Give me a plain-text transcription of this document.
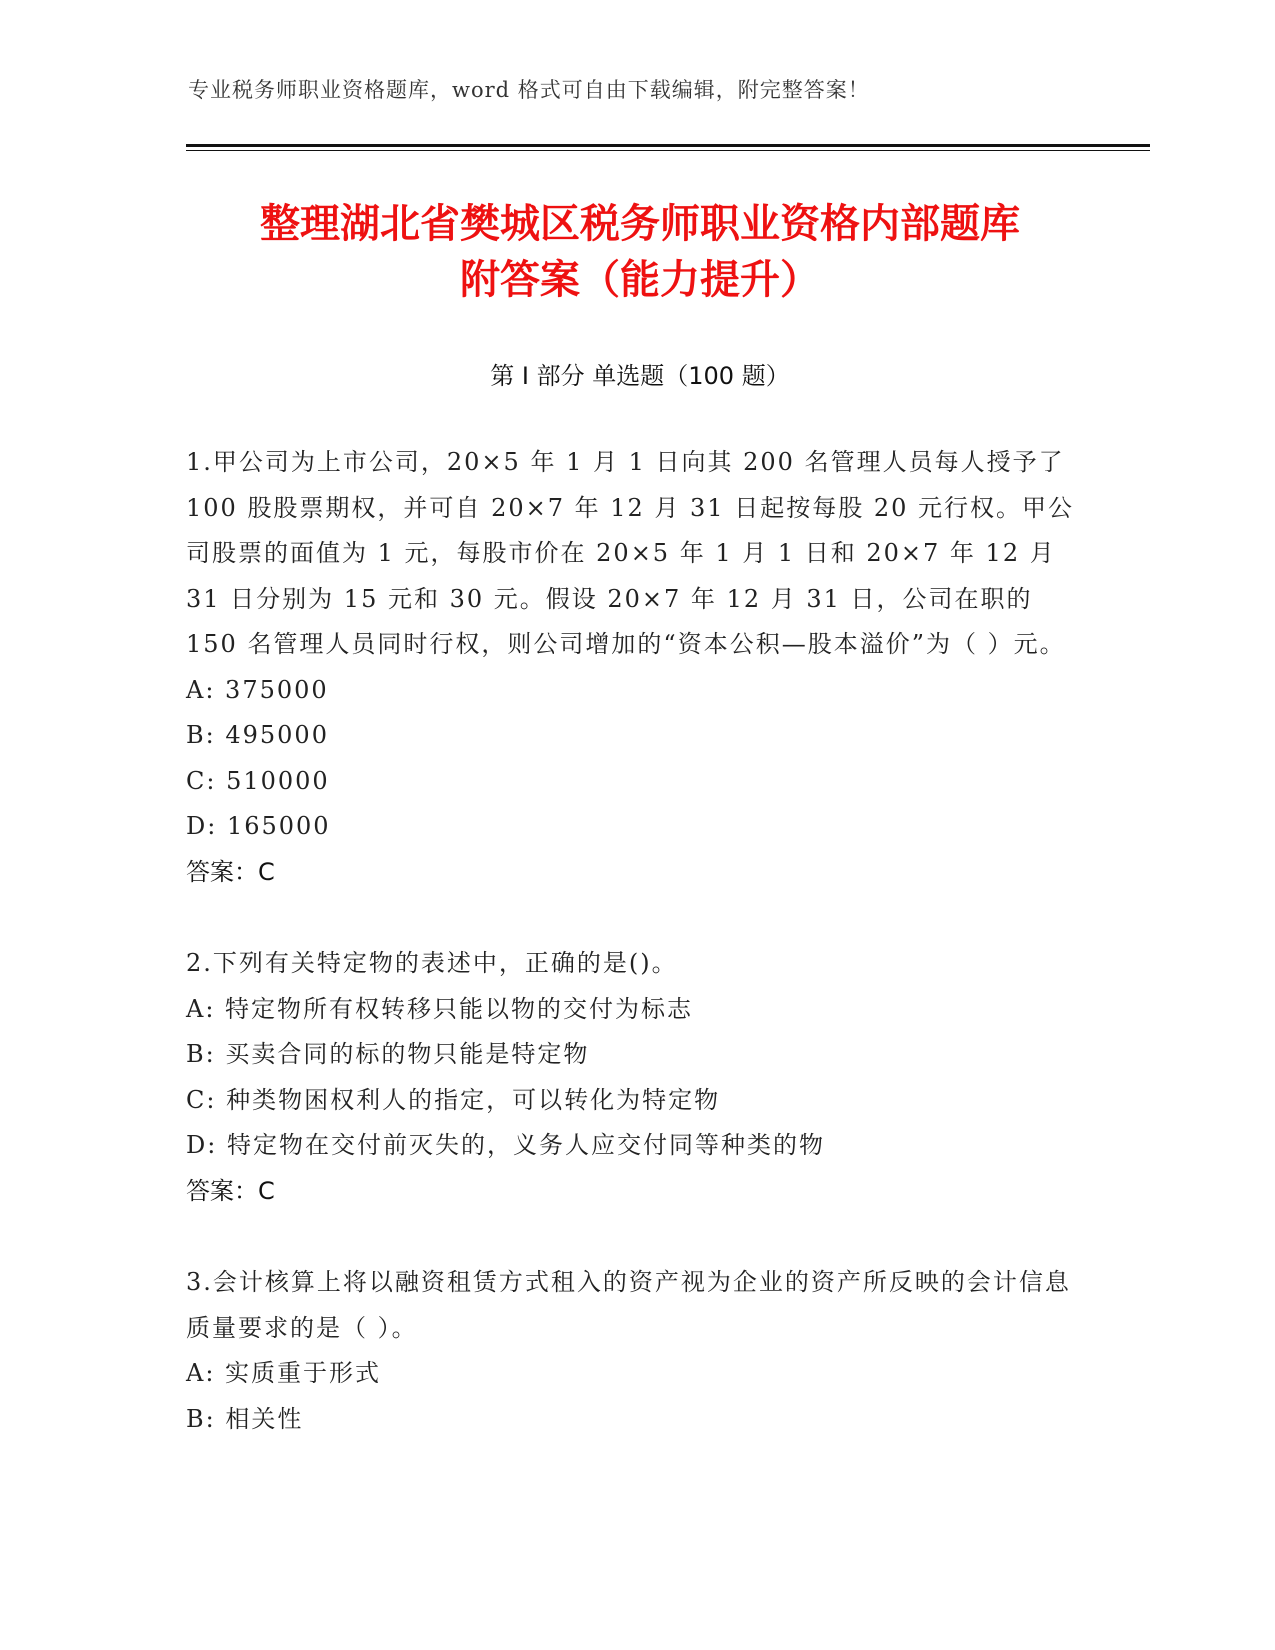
专业税务师职业资格题库，word 格式可自由下载编辑，附完整答案！
整理湖北省樊城区税务师职业资格内部题库
附答案（能力提升）
第 I 部分 单选题（100 题）
1.甲公司为上市公司，20×5 年 1 月 1 日向其 200 名管理人员每人授予了 100 股股票期权，并可自 20×7 年 12 月 31 日起按每股 20 元行权。甲公司股票的面值为 1 元，每股市价在 20×5 年 1 月 1 日和 20×7 年 12 月 31 日分别为 15 元和 30 元。假设 20×7 年 12 月 31 日，公司在职的 150 名管理人员同时行权，则公司增加的“资本公积—股本溢价”为（ ）元。
A: 375000
B: 495000
C: 510000
D: 165000
答案：C
2.下列有关特定物的表述中，正确的是()。
A: 特定物所有权转移只能以物的交付为标志
B: 买卖合同的标的物只能是特定物
C: 种类物困权利人的指定，可以转化为特定物
D: 特定物在交付前灭失的，义务人应交付同等种类的物
答案：C
3.会计核算上将以融资租赁方式租入的资产视为企业的资产所反映的会计信息质量要求的是（ ）。
A: 实质重于形式
B: 相关性
